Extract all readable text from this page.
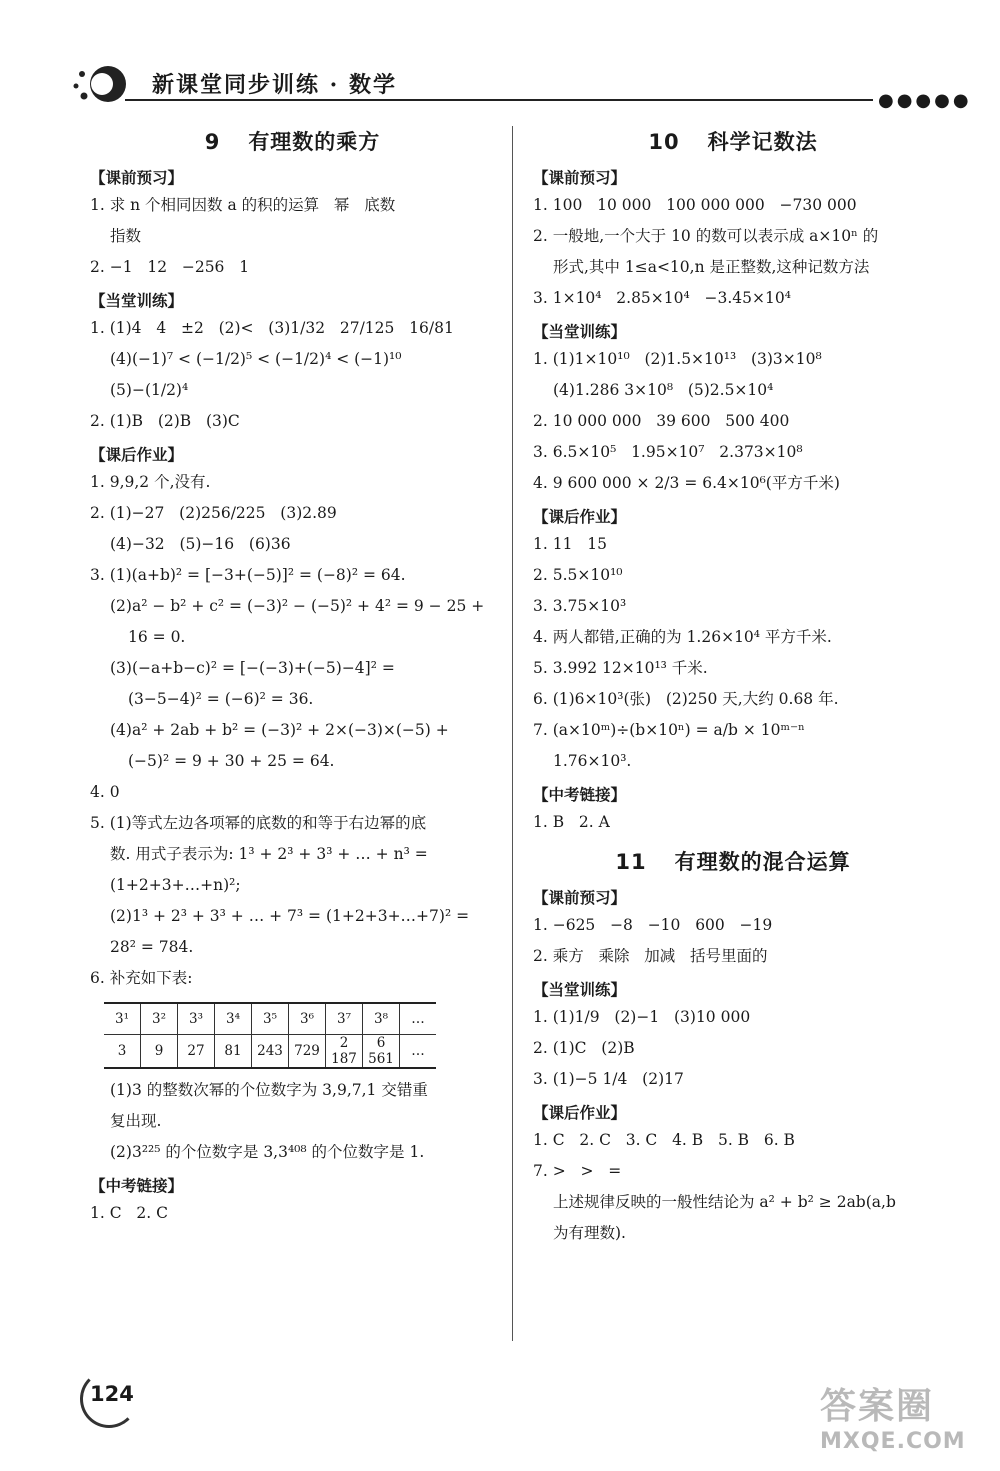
新课堂同步训练 · 数学
●●●●●
9 有理数的乘方
【课前预习】
1. 求 n 个相同因数 a 的积的运算   幂   底数
指数
2. −1   12   −256   1
【当堂训练】
1. (1)4   4   ±2   (2)<   (3)1/32   27/125   16/81
(4)(−1)⁷ < (−1/2)⁵ < (−1/2)⁴ < (−1)¹⁰
(5)−(1/2)⁴
2. (1)B   (2)B   (3)C
【课后作业】
1. 9,9,2 个,没有.
2. (1)−27   (2)256/225   (3)2.89
(4)−32   (5)−16   (6)36
3. (1)(a+b)² = [−3+(−5)]² = (−8)² = 64.
(2)a² − b² + c² = (−3)² − (−5)² + 4² = 9 − 25 +
16 = 0.
(3)(−a+b−c)² = [−(−3)+(−5)−4]² =
(3−5−4)² = (−6)² = 36.
(4)a² + 2ab + b² = (−3)² + 2×(−3)×(−5) +
(−5)² = 9 + 30 + 25 = 64.
4. 0
5. (1)等式左边各项幂的底数的和等于右边幂的底
数. 用式子表示为: 1³ + 2³ + 3³ + … + n³ =
(1+2+3+…+n)²;
(2)1³ + 2³ + 3³ + … + 7³ = (1+2+3+…+7)² =
28² = 784.
6. 补充如下表:
3¹	3²	3³	3⁴	3⁵	3⁶	3⁷	3⁸	…
3	9	27	81	243	729	2 187	6 561	…
(1)3 的整数次幂的个位数字为 3,9,7,1 交错重
复出现.
(2)3²²⁵ 的个位数字是 3,3⁴⁰⁸ 的个位数字是 1.
【中考链接】
1. C   2. C
10 科学记数法
【课前预习】
1. 100   10 000   100 000 000   −730 000
2. 一般地,一个大于 10 的数可以表示成 a×10ⁿ 的
形式,其中 1≤a<10,n 是正整数,这种记数方法
3. 1×10⁴   2.85×10⁴   −3.45×10⁴
【当堂训练】
1. (1)1×10¹⁰   (2)1.5×10¹³   (3)3×10⁸
(4)1.286 3×10⁸   (5)2.5×10⁴
2. 10 000 000   39 600   500 400
3. 6.5×10⁵   1.95×10⁷   2.373×10⁸
4. 9 600 000 × 2/3 = 6.4×10⁶(平方千米)
【课后作业】
1. 11   15
2. 5.5×10¹⁰
3. 3.75×10³
4. 两人都错,正确的为 1.26×10⁴ 平方千米.
5. 3.992 12×10¹³ 千米.
6. (1)6×10³(张)   (2)250 天,大约 0.68 年.
7. (a×10ᵐ)÷(b×10ⁿ) = a/b × 10ᵐ⁻ⁿ
1.76×10³.
【中考链接】
1. B   2. A
11 有理数的混合运算
【课前预习】
1. −625   −8   −10   600   −19
2. 乘方   乘除   加减   括号里面的
【当堂训练】
1. (1)1/9   (2)−1   (3)10 000
2. (1)C   (2)B
3. (1)−5 1/4   (2)17
【课后作业】
1. C   2. C   3. C   4. B   5. B   6. B
7. >   >   =
上述规律反映的一般性结论为 a² + b² ≥ 2ab(a,b
为有理数).
124	答案圈
MXQE.COM
